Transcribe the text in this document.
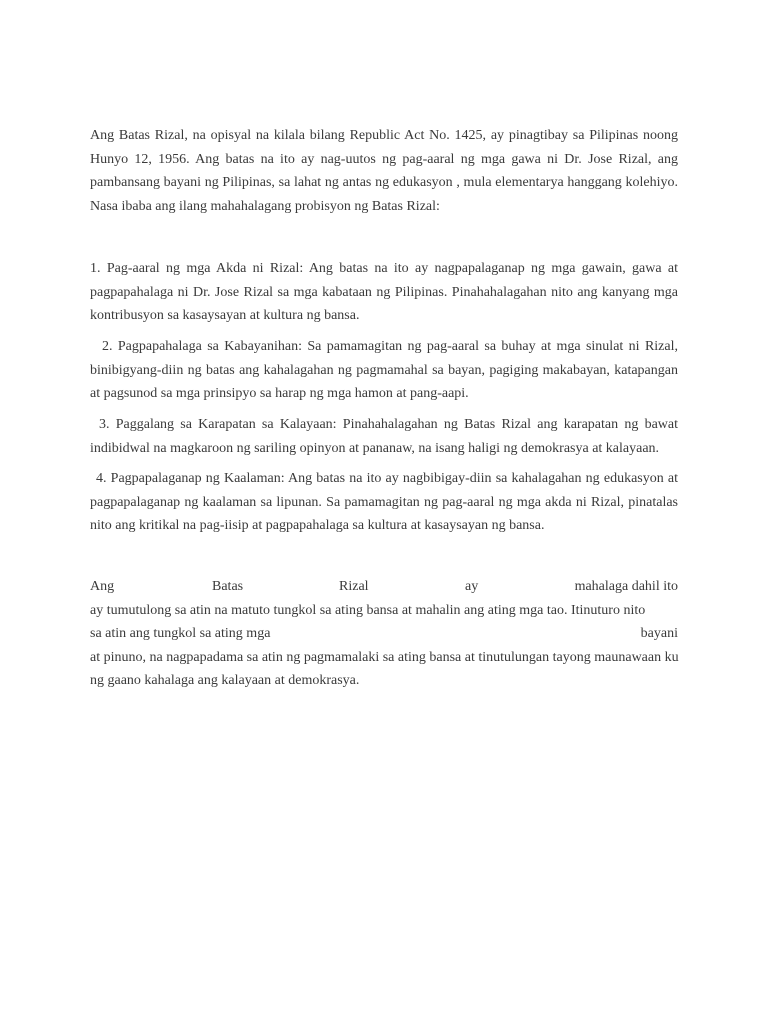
Ang Batas Rizal, na opisyal na kilala bilang Republic Act No. 1425, ay pinagtibay sa Pilipinas noong Hunyo 12, 1956. Ang batas na ito ay nag-uutos ng pag-aaral ng mga gawa ni Dr. Jose Rizal, ang pambansang bayani ng Pilipinas, sa lahat ng antas ng edukasyon , mula elementarya hanggang kolehiyo. Nasa ibaba ang ilang mahahalagang probisyon ng Batas Rizal:

1. Pag-aaral ng mga Akda ni Rizal: Ang batas na ito ay nagpapalaganap ng mga gawain, gawa at pagpapahalaga ni Dr. Jose Rizal sa mga kabataan ng Pilipinas. Pinahahalagahan nito ang kanyang mga kontribusyon sa kasaysayan at kultura ng bansa.

2. Pagpapahalaga sa Kabayanihan: Sa pamamagitan ng pag-aaral sa buhay at mga sinulat ni Rizal, binibigyang-diin ng batas ang kahalagahan ng pagmamahal sa bayan, pagiging makabayan, katapangan at pagsunod sa mga prinsipyo sa harap ng mga hamon at pang-aapi.

3. Paggalang sa Karapatan sa Kalayaan: Pinahahalagahan ng Batas Rizal ang karapatan ng bawat indibidwal na magkaroon ng sariling opinyon at pananaw, na isang haligi ng demokrasya at kalayaan.

4. Pagpapalaganap ng Kaalaman: Ang batas na ito ay nagbibigay-diin sa kahalagahan ng edukasyon at pagpapalaganap ng kaalaman sa lipunan. Sa pamamagitan ng pag-aaral ng mga akda ni Rizal, pinatalas nito ang kritikal na pag-iisip at pagpapahalaga sa kultura at kasaysayan ng bansa.

Ang	Batas	Rizal	ay	mahalaga dahil ito
ay tumutulong sa atin na matuto tungkol sa ating bansa at mahalin ang ating mga tao. Itinuturo nito
sa atin ang tungkol sa ating mga	bayani
at pinuno, na nagpapadama sa atin ng pagmamalaki sa ating bansa at tinutulungan tayong maunawaan ku
ng gaano kahalaga ang kalayaan at demokrasya.
